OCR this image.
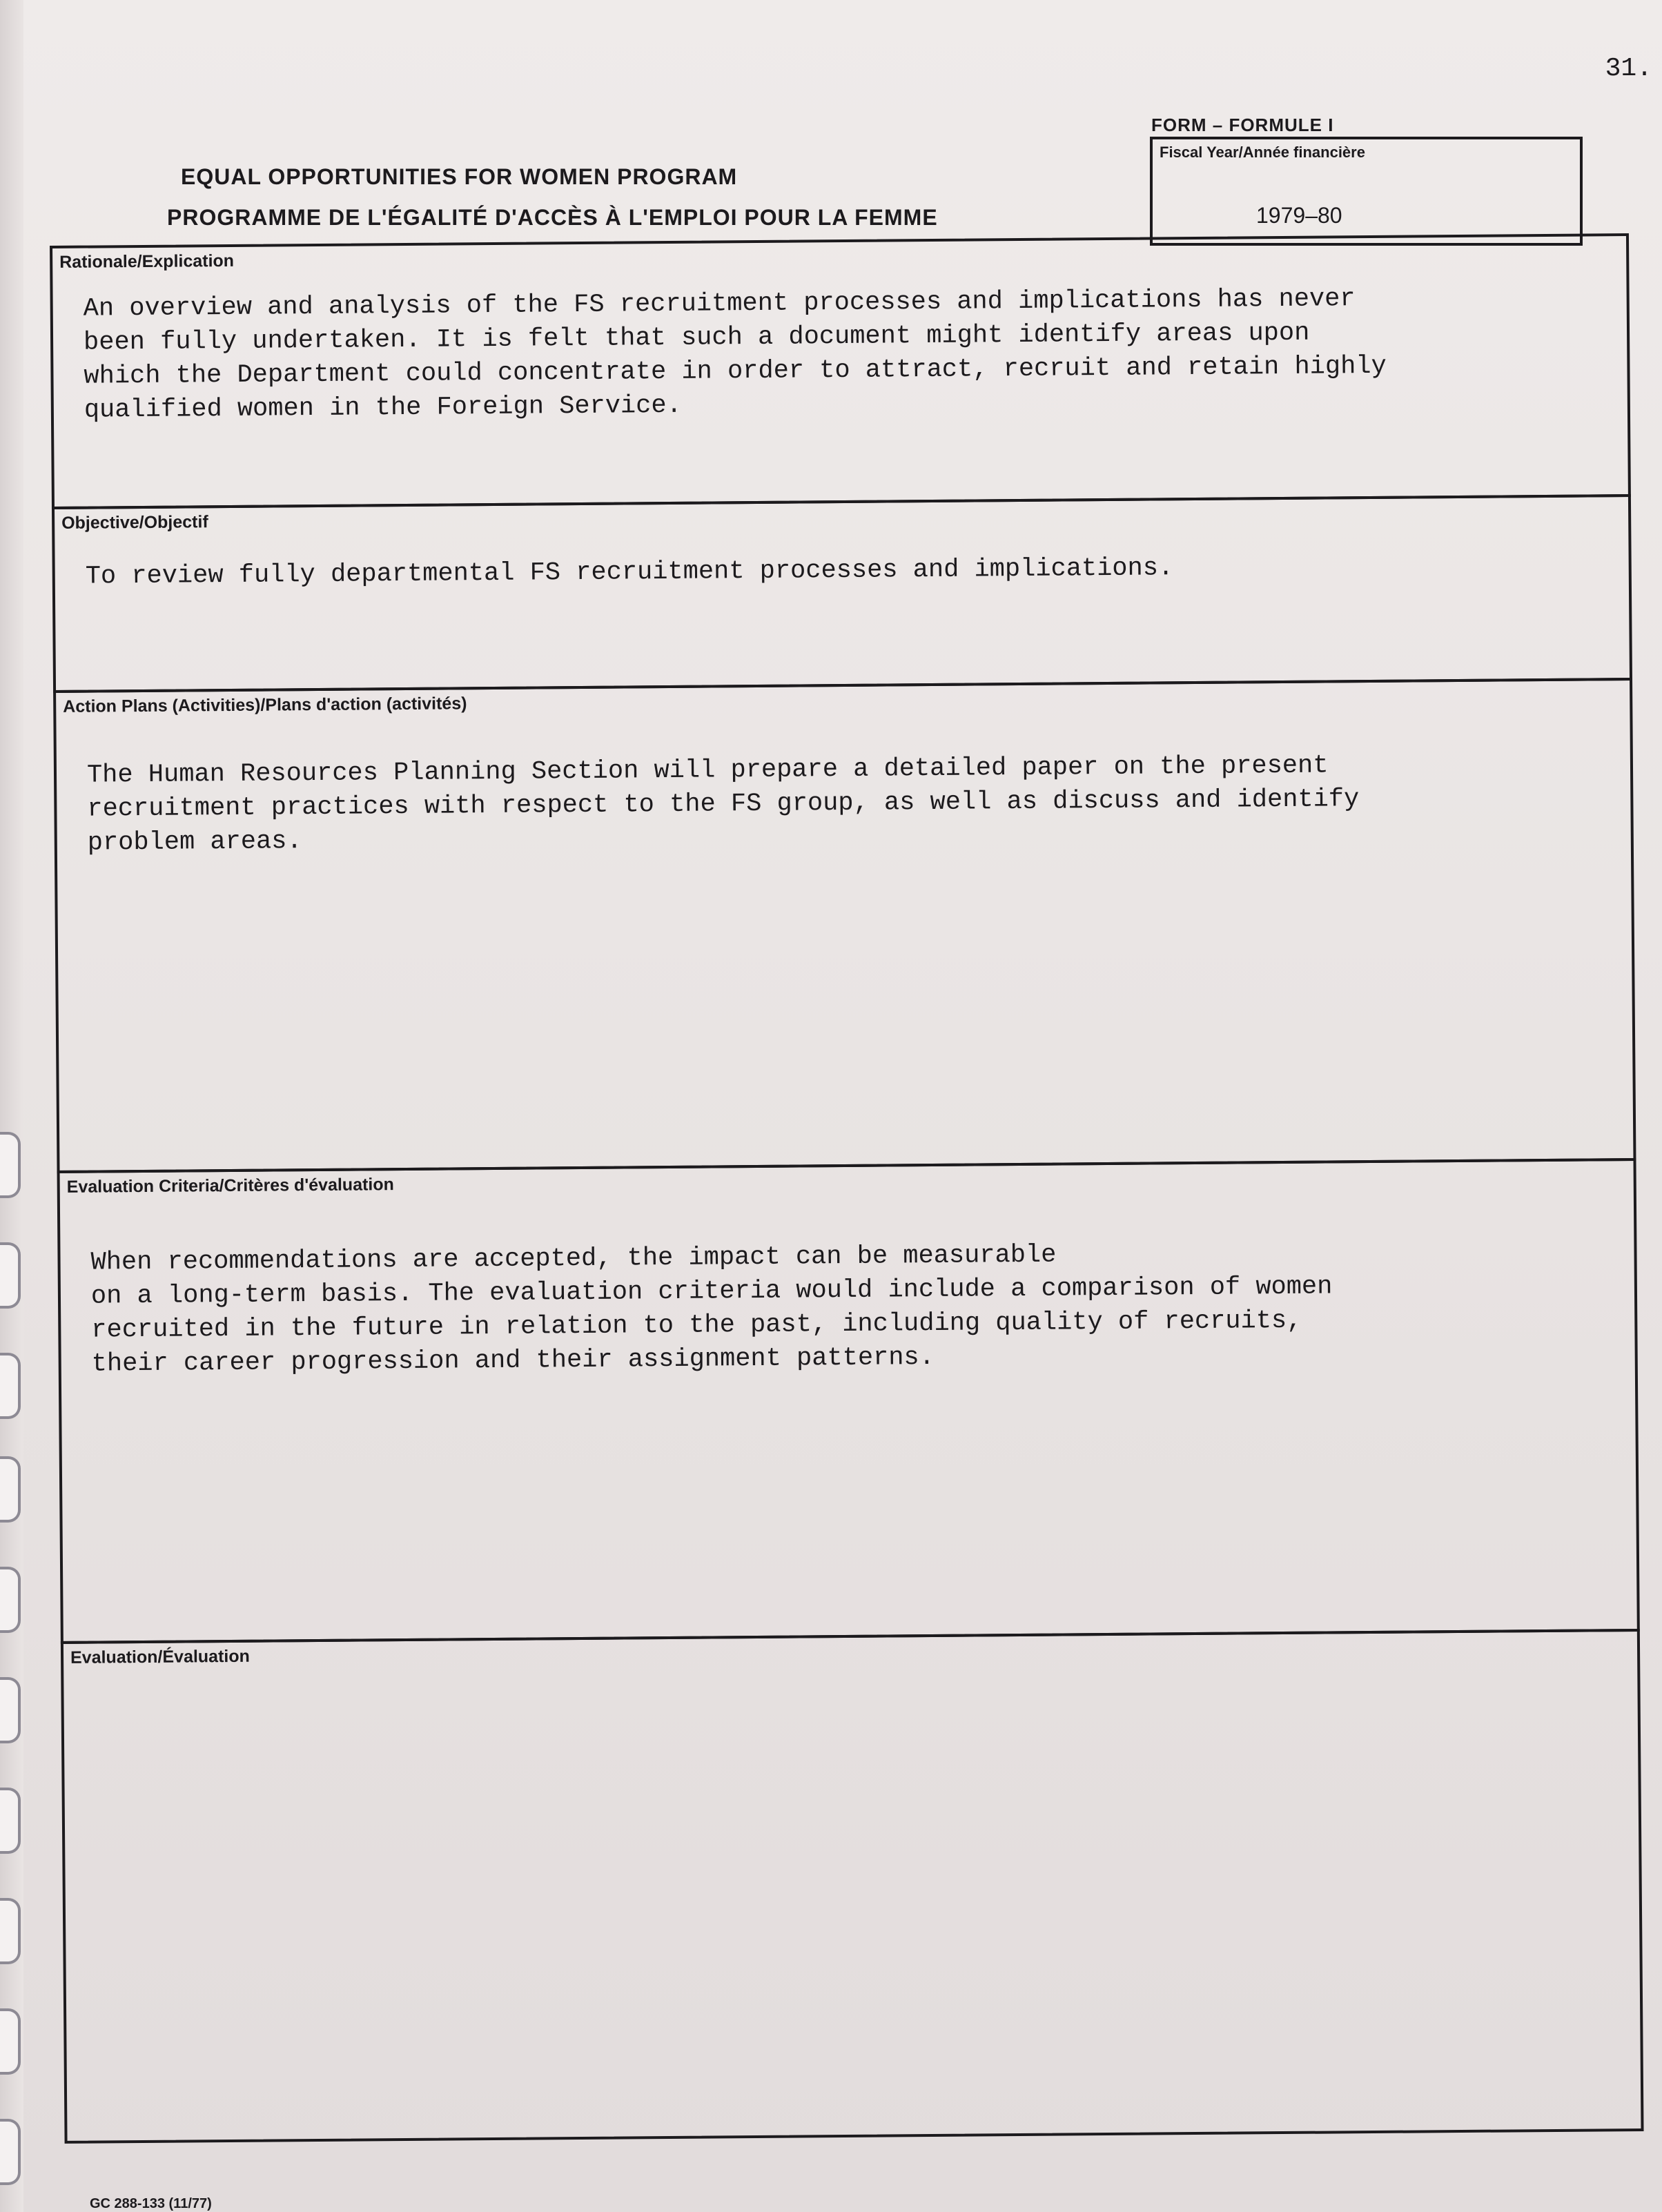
31.
FORM – FORMULE I
EQUAL OPPORTUNITIES FOR WOMEN PROGRAM
PROGRAMME DE L'ÉGALITÉ D'ACCÈS À L'EMPLOI POUR LA FEMME
Fiscal Year/Année financière
1979–80
Rationale/Explication
An overview and analysis of the FS recruitment processes and implications has never
been fully undertaken. It is felt that such a document might identify areas upon
which the Department could concentrate in order to attract, recruit and retain highly
qualified women in the Foreign Service.
Objective/Objectif
To review fully departmental FS recruitment processes and implications.
Action Plans (Activities)/Plans d'action (activités)
The Human Resources Planning Section will prepare a detailed paper on the present
recruitment practices with respect to the FS group, as well as discuss and identify
problem areas.
Evaluation Criteria/Critères d'évaluation
When recommendations are accepted, the impact can be measurable
on a long-term basis. The evaluation criteria would include a comparison of women
recruited in the future in relation to the past, including quality of recruits,
their career progression and their assignment patterns.
Evaluation/Évaluation
GC 288-133 (11/77)
